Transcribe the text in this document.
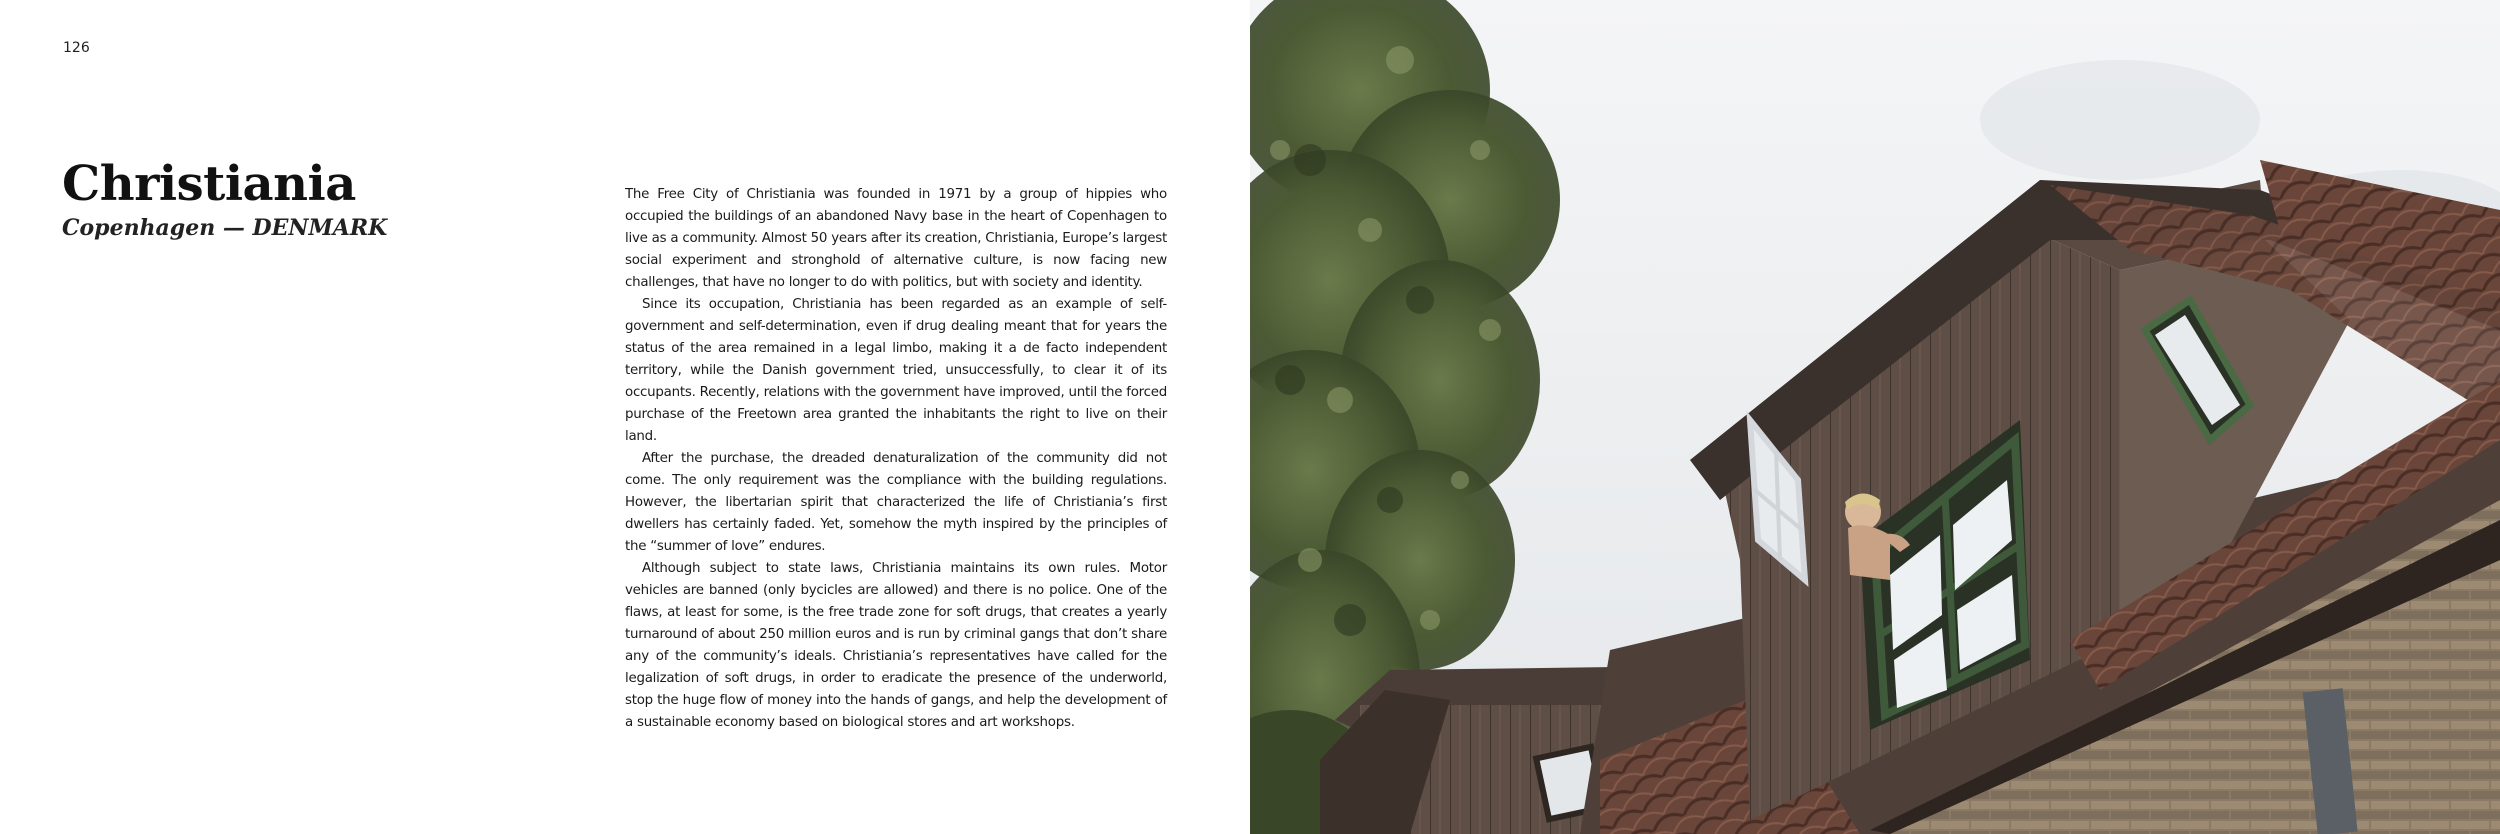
126
Christiania
Copenhagen — DENMARK

The Free City of Christiania was founded in 1971 by a group of hippies who occupied the buildings of an abandoned Navy base in the heart of Copenhagen to live as a community. Almost 50 years after its creation, Christiania, Europe’s largest social experiment and stronghold of alternative culture, is now facing new challenges, that have no longer to do with politics, but with society and identity.

Since its occupation, Christiania has been regarded as an example of self-government and self-determination, even if drug dealing meant that for years the status of the area remained in a legal limbo, making it a de facto independent territory, while the Danish government tried, unsuccessfully, to clear it of its occupants. Recently, relations with the government have improved, until the forced purchase of the Freetown area granted the inhabitants the right to live on their land.

After the purchase, the dreaded denaturalization of the community did not come. The only requirement was the compliance with the building regulations. However, the libertarian spirit that characterized the life of Christiania’s first dwellers has certainly faded. Yet, somehow the myth inspired by the principles of the “summer of love” endures.

Although subject to state laws, Christiania maintains its own rules. Motor vehicles are banned (only bycicles are allowed) and there is no police. One of the flaws, at least for some, is the free trade zone for soft drugs, that creates a yearly turnaround of about 250 million euros and is run by criminal gangs that don’t share any of the community’s ideals. Christiania’s representatives have called for the legalization of soft drugs, in order to eradicate the presence of the underworld, stop the huge flow of money into the hands of gangs, and help the development of a sustainable economy based on biological stores and art workshops.
